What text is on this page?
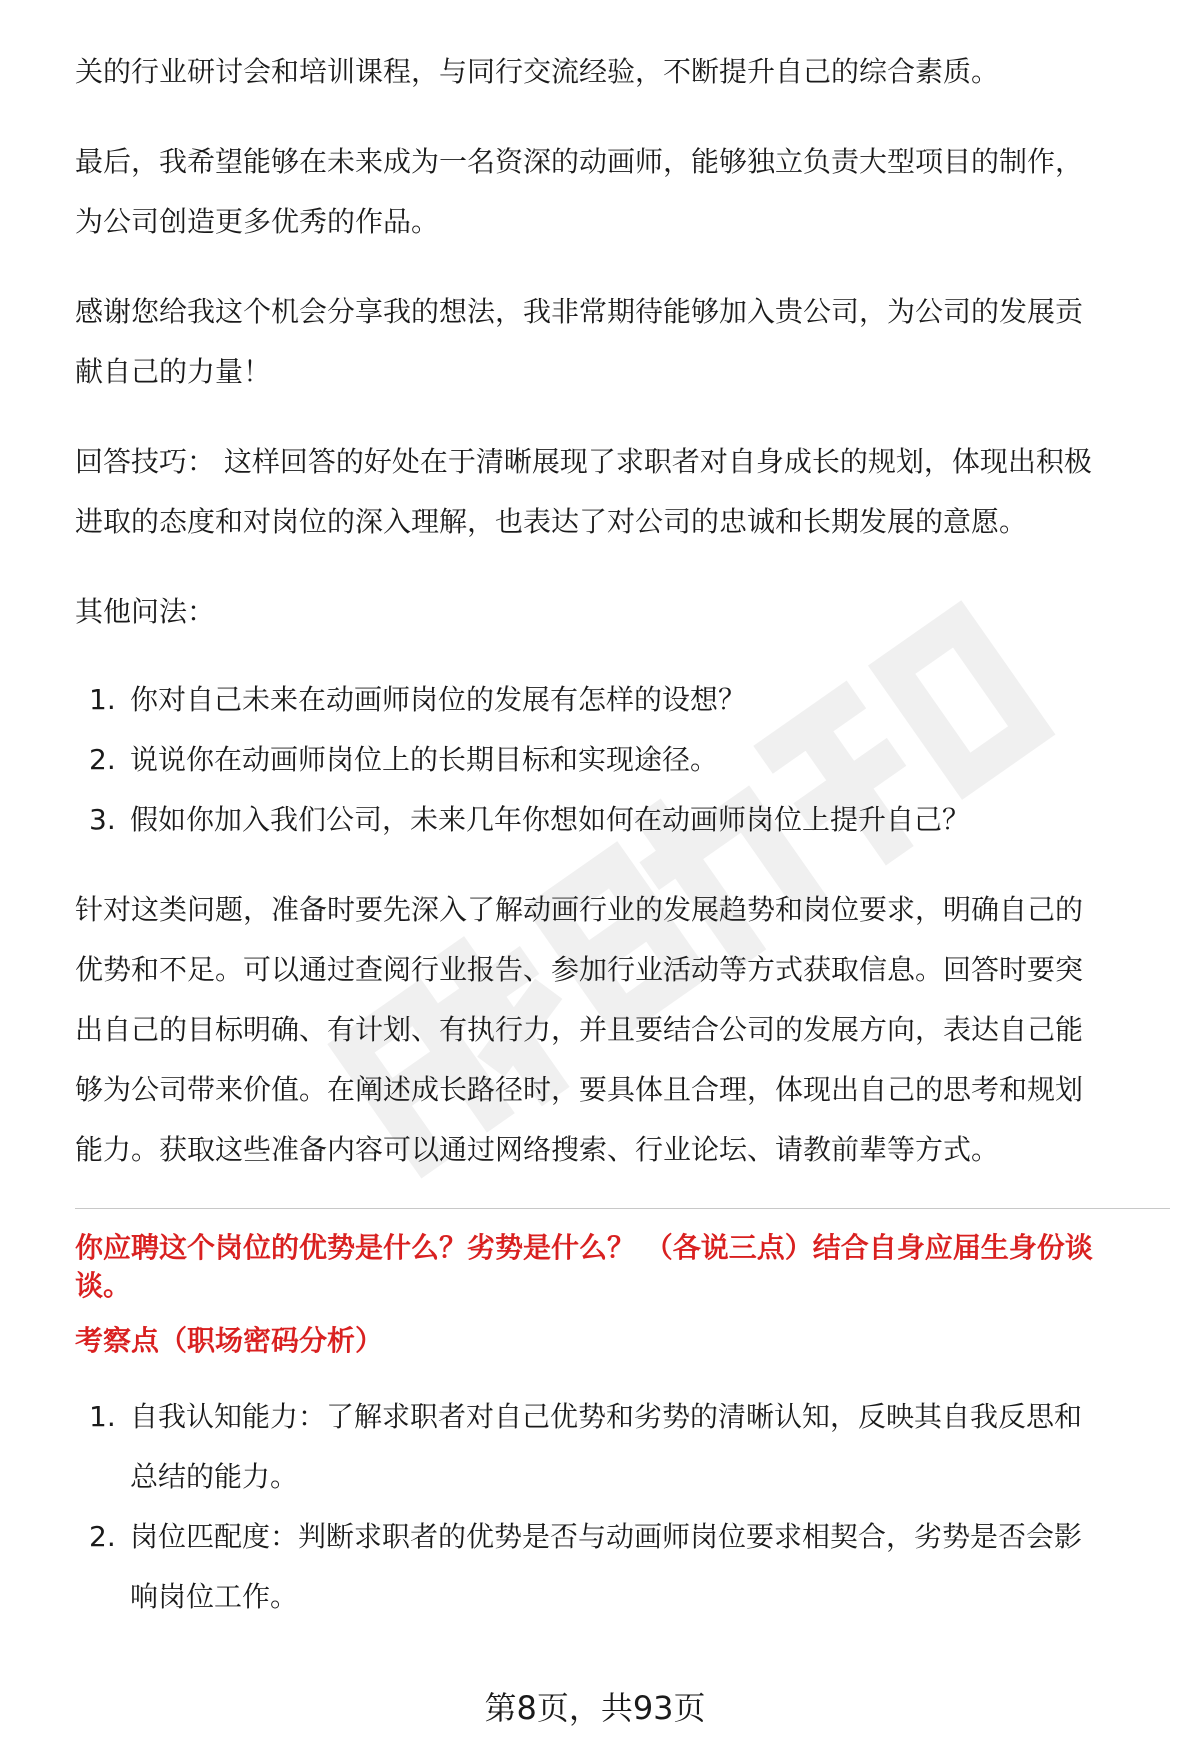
关的行业研讨会和培训课程，与同行交流经验，不断提升自己的综合素质。

最后，我希望能够在未来成为一名资深的动画师，能够独立负责大型项目的制作，

为公司创造更多优秀的作品。

感谢您给我这个机会分享我的想法，我非常期待能够加入贵公司，为公司的发展贡

献自己的力量！

回答技巧： 这样回答的好处在于清晰展现了求职者对自身成长的规划，体现出积极

进取的态度和对岗位的深入理解，也表达了对公司的忠诚和长期发展的意愿。

其他问法：

1. 你对自己未来在动画师岗位的发展有怎样的设想？
2. 说说你在动画师岗位上的长期目标和实现途径。
3. 假如你加入我们公司，未来几年你想如何在动画师岗位上提升自己？

针对这类问题，准备时要先深入了解动画行业的发展趋势和岗位要求，明确自己的

优势和不足。可以通过查阅行业报告、参加行业活动等方式获取信息。回答时要突

出自己的目标明确、有计划、有执行力，并且要结合公司的发展方向，表达自己能

够为公司带来价值。在阐述成长路径时，要具体且合理，体现出自己的思考和规划

能力。获取这些准备内容可以通过网络搜索、行业论坛、请教前辈等方式。

你应聘这个岗位的优势是什么？劣势是什么？ （各说三点）结合自身应届生身份谈

谈。

考察点（职场密码分析）

1. 自我认知能力：了解求职者对自己优势和劣势的清晰认知，反映其自我反思和
总结的能力。
2. 岗位匹配度：判断求职者的优势是否与动画师岗位要求相契合，劣势是否会影
响岗位工作。
第8页，共93页
